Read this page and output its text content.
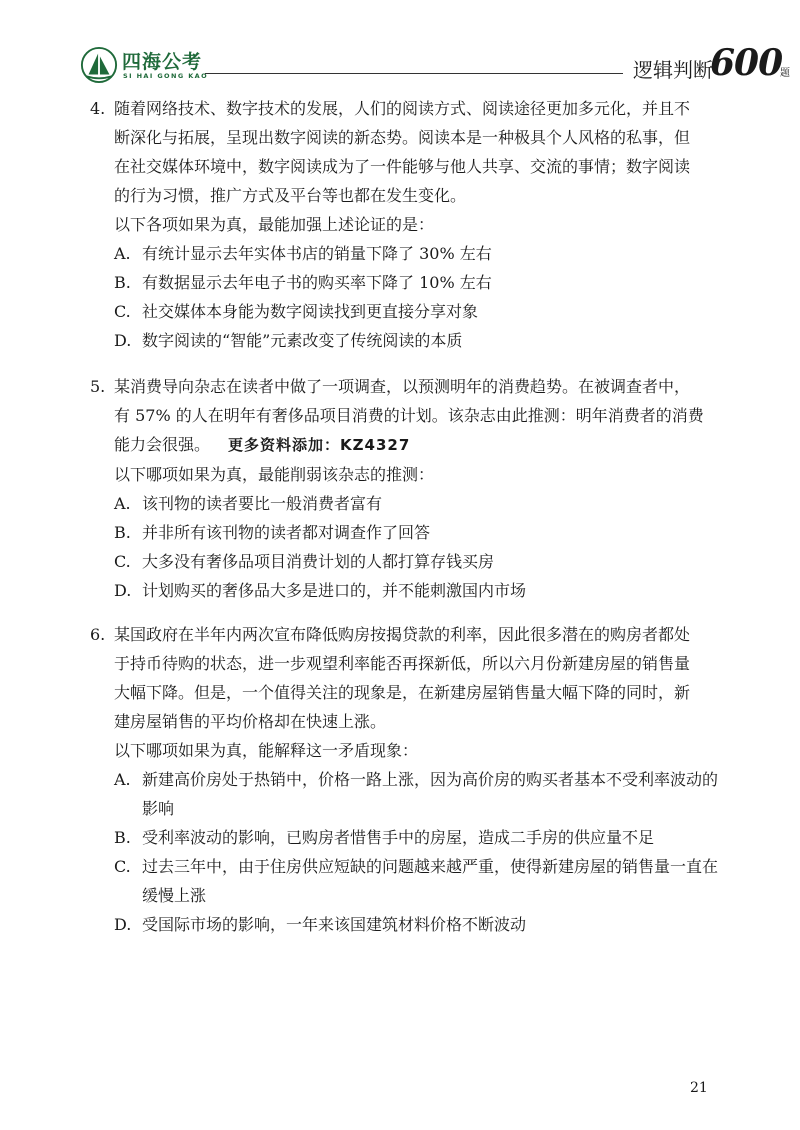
四海公考
SI HAI GONG KAO	逻辑判断
600
题
4. 随着网络技术、数字技术的发展，人们的阅读方式、阅读途径更加多元化，并且不
断深化与拓展，呈现出数字阅读的新态势。阅读本是一种极具个人风格的私事，但
在社交媒体环境中，数字阅读成为了一件能够与他人共享、交流的事情；数字阅读
的行为习惯，推广方式及平台等也都在发生变化。
以下各项如果为真，最能加强上述论证的是：
A. 有统计显示去年实体书店的销量下降了 30% 左右
B. 有数据显示去年电子书的购买率下降了 10% 左右
C. 社交媒体本身能为数字阅读找到更直接分享对象
D. 数字阅读的“智能”元素改变了传统阅读的本质
5. 某消费导向杂志在读者中做了一项调查，以预测明年的消费趋势。在被调查者中，
有 57% 的人在明年有奢侈品项目消费的计划。该杂志由此推测：明年消费者的消费
能力会很强。 更多资料添加：KZ4327
以下哪项如果为真，最能削弱该杂志的推测：
A. 该刊物的读者要比一般消费者富有
B. 并非所有该刊物的读者都对调查作了回答
C. 大多没有奢侈品项目消费计划的人都打算存钱买房
D. 计划购买的奢侈品大多是进口的，并不能刺激国内市场
6. 某国政府在半年内两次宣布降低购房按揭贷款的利率，因此很多潜在的购房者都处
于持币待购的状态，进一步观望利率能否再探新低，所以六月份新建房屋的销售量
大幅下降。但是，一个值得关注的现象是，在新建房屋销售量大幅下降的同时，新
建房屋销售的平均价格却在快速上涨。
以下哪项如果为真，能解释这一矛盾现象：
A. 新建高价房处于热销中，价格一路上涨，因为高价房的购买者基本不受利率波动的影响
B. 受利率波动的影响，已购房者惜售手中的房屋，造成二手房的供应量不足
C. 过去三年中，由于住房供应短缺的问题越来越严重，使得新建房屋的销售量一直在缓慢上涨
D. 受国际市场的影响，一年来该国建筑材料价格不断波动
21
